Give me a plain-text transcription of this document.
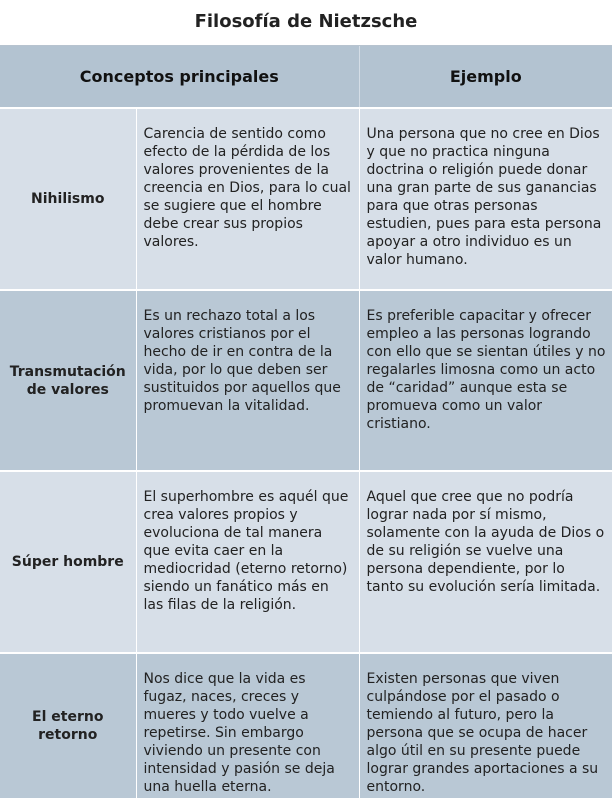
Filosofía de Nietzsche
Conceptos principales		Ejemplo
Nihilismo	Carencia de sentido como efecto de la pérdida de los valores provenientes de la creencia en Dios, para lo cual se sugiere que el hombre debe crear sus propios valores.	Una persona que no cree en Dios y que no practica ninguna doctrina o religión puede donar una gran parte de sus ganancias para que otras personas estudien, pues para esta persona apoyar a otro individuo es un valor humano.
Transmutación de valores	Es un rechazo total a los valores cristianos por el hecho de ir en contra de la vida, por lo que deben ser sustituidos por aquellos que promuevan la vitalidad.	Es preferible capacitar y ofrecer empleo a las personas logrando con ello que se sientan útiles y no regalarles limosna como un acto de “caridad” aunque esta se promueva como un valor cristiano.
Súper hombre	El superhombre es aquél que crea valores propios y evoluciona de tal manera que evita caer en la mediocridad (eterno retorno) siendo un fanático más en las filas de la religión.	Aquel que cree que no podría lograr nada por sí mismo, solamente con la ayuda de Dios o de su religión se vuelve una persona dependiente, por lo tanto su evolución sería limitada.
El eterno retorno	Nos dice que la vida es fugaz, naces, creces y mueres y todo vuelve a repetirse. Sin embargo viviendo un presente con intensidad y pasión se deja una huella eterna.	Existen personas que viven culpándose por el pasado o temiendo al futuro, pero la persona que se ocupa de hacer algo útil en su presente puede lograr grandes aportaciones a su entorno.
